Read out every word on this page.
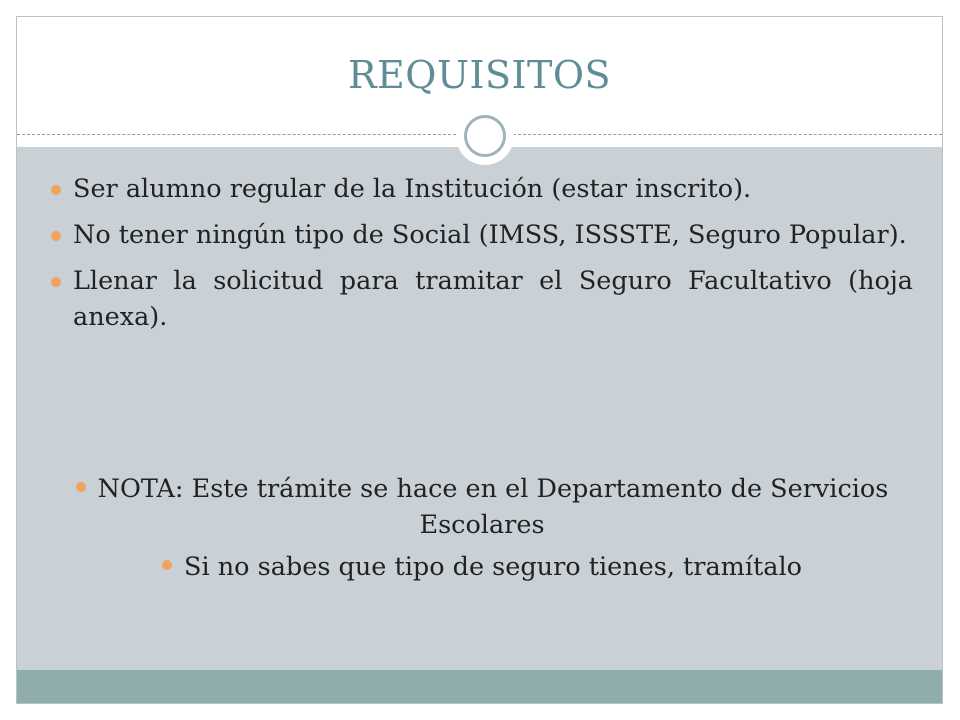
REQUISITOS
Ser alumno regular de la Institución (estar inscrito).
No tener ningún tipo de Social (IMSS, ISSSTE, Seguro Popular).
Llenar la solicitud para tramitar el Seguro Facultativo (hoja anexa).
NOTA: Este trámite se hace en el Departamento de Servicios Escolares
Si no sabes que tipo de seguro tienes, tramítalo
